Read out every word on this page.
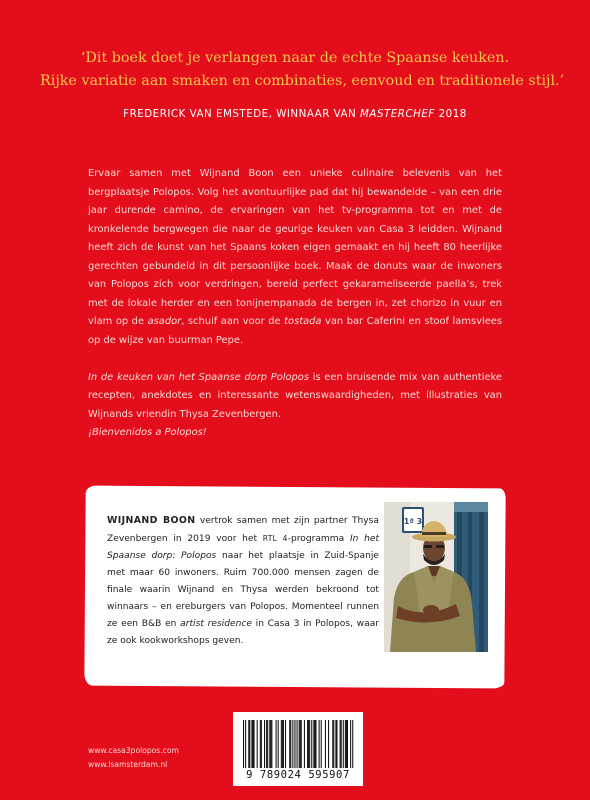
‘Dit boek doet je verlangen naar de echte Spaanse keuken.
Rijke variatie aan smaken en combinaties, eenvoud en traditionele stijl.’
FREDERICK VAN EMSTEDE, WINNAAR VAN MASTERCHEF 2018

Ervaar samen met Wijnand Boon een unieke culinaire belevenis van het bergplaatsje Polopos. Volg het avontuurlijke pad dat hij bewandelde – van een drie jaar durende camino, de ervaringen van het tv-programma tot en met de kronkelende bergwegen die naar de geurige keuken van Casa 3 leidden. Wijnand heeft zich de kunst van het Spaans koken eigen gemaakt en hij heeft 80 heerlijke gerechten gebundeld in dit persoonlijke boek. Maak de donuts waar de inwoners van Polopos zich voor verdringen, bereid perfect gekarameliseerde paella’s, trek met de lokale herder en een tonijnempanada de bergen in, zet chorizo in vuur en vlam op de asador, schuif aan voor de tostada van bar Caferini en stoof lamsvlees op de wijze van buurman Pepe.

In de keuken van het Spaanse dorp Polopos is een bruisende mix van authentieke recepten, anekdotes en interessante wetenswaardigheden, met illustraties van Wijnands vriendin Thysa Zevenbergen.
¡Bienvenidos a Polopos!

WIJNAND BOON vertrok samen met zijn partner Thysa Zevenbergen in 2019 voor het RTL 4-programma In het Spaanse dorp: Polopos naar het plaatsje in Zuid-Spanje met maar 60 inwoners. Ruim 700.000 mensen zagen de finale waarin Wijnand en Thysa werden bekroond tot winnaars – en ereburgers van Polopos. Momenteel runnen ze een B&B en artist residence in Casa 3 in Polopos, waar ze ook kookworkshops geven.

1ª 3
9 789024 595907
www.casa3polopos.com
www.lsamsterdam.nl
